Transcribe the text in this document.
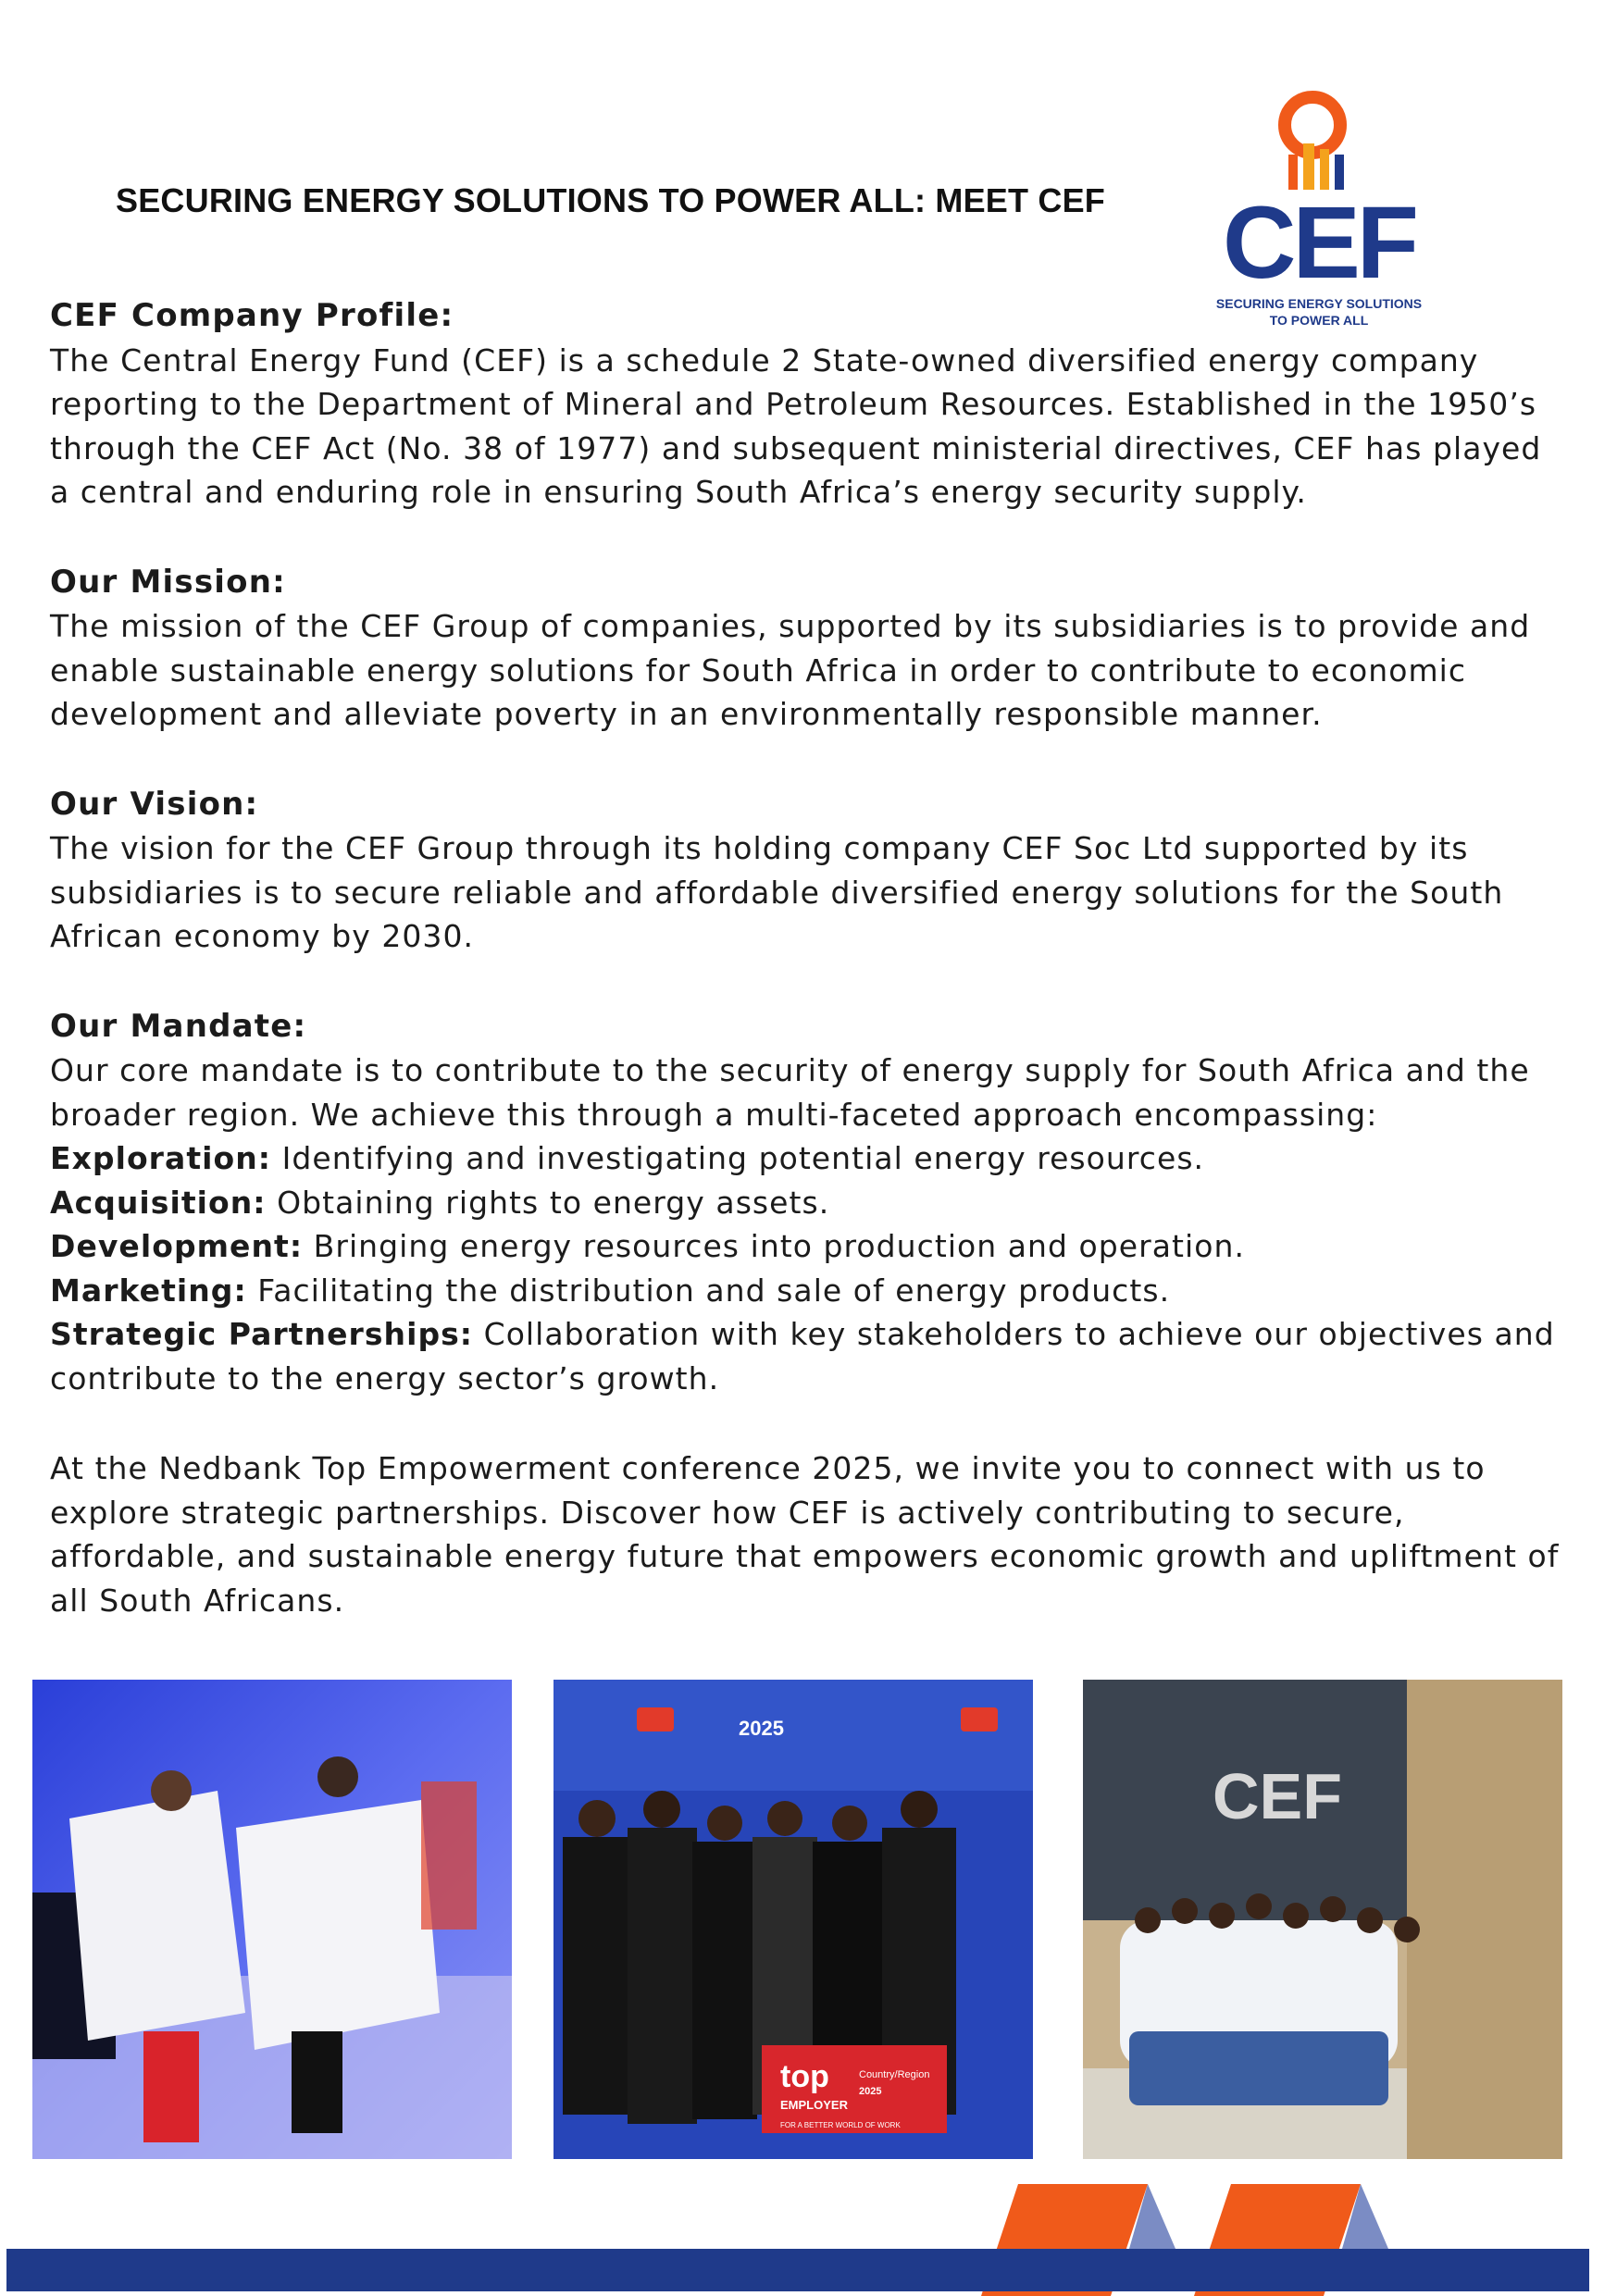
SECURING ENERGY SOLUTIONS TO POWER ALL: MEET CEF CEF
SECURING ENERGY SOLUTIONS
TO POWER ALL

CEF Company Profile:

The Central Energy Fund (CEF) is a schedule 2 State-owned diversified energy company reporting to the Department of Mineral and Petroleum Resources. Established in the 1950’s through the CEF Act (No. 38 of 1977) and subsequent ministerial directives, CEF has played a central and enduring role in ensuring South Africa’s energy security supply.

Our Mission:

The mission of the CEF Group of companies, supported by its subsidiaries is to provide and enable sustainable energy solutions for South Africa in order to contribute to economic development and alleviate poverty in an environmentally responsible manner.

Our Vision:

The vision for the CEF Group through its holding company CEF Soc Ltd supported by its subsidiaries is to secure reliable and affordable diversified energy solutions for the South African economy by 2030.

Our Mandate:

Our core mandate is to contribute to the security of energy supply for South Africa and the broader region. We achieve this through a multi-faceted approach encompassing:

Exploration: Identifying and investigating potential energy resources.

Acquisition: Obtaining rights to energy assets.

Development: Bringing energy resources into production and operation.

Marketing: Facilitating the distribution and sale of energy products.

Strategic Partnerships: Collaboration with key stakeholders to achieve our objectives and contribute to the energy sector’s growth.

At the Nedbank Top Empowerment conference 2025, we invite you to connect with us to explore strategic partnerships. Discover how CEF is actively contributing to secure, affordable, and sustainable energy future that empowers economic growth and upliftment of all South Africans.

2025
top
EMPLOYER
Country/Region
2025
FOR A BETTER WORLD OF WORK
CEF
